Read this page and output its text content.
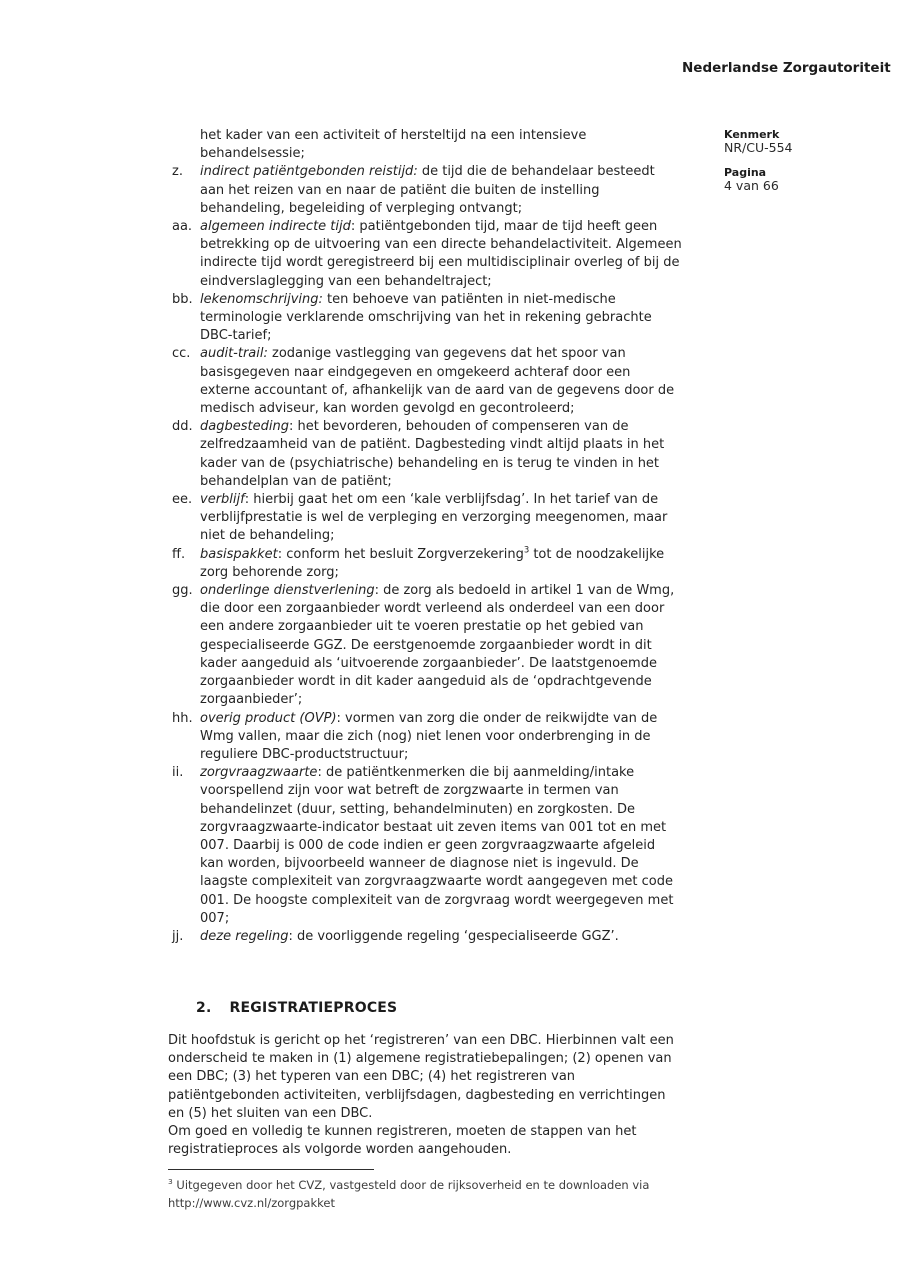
Nederlandse Zorgautoriteit
Kenmerk
NR/CU-554
Pagina
4 van 66
het kader van een activiteit of hersteltijd na een intensieve behandelsessie;
z.	indirect patiëntgebonden reistijd: de tijd die de behandelaar besteedt aan het reizen van en naar de patiënt die buiten de instelling behandeling, begeleiding of verpleging ontvangt;
aa. algemeen indirecte tijd: patiëntgebonden tijd, maar de tijd heeft geen betrekking op de uitvoering van een directe behandelactiviteit. Algemeen indirecte tijd wordt geregistreerd bij een multidisciplinair overleg of bij de eindverslaglegging van een behandeltraject;
bb. lekenomschrijving: ten behoeve van patiënten in niet-medische terminologie verklarende omschrijving van het in rekening gebrachte DBC-tarief;
cc. audit-trail: zodanige vastlegging van gegevens dat het spoor van basisgegeven naar eindgegeven en omgekeerd achteraf door een externe accountant of, afhankelijk van de aard van de gegevens door de medisch adviseur, kan worden gevolgd en gecontroleerd;
dd. dagbesteding: het bevorderen, behouden of compenseren van de zelfredzaamheid van de patiënt. Dagbesteding vindt altijd plaats in het kader van de (psychiatrische) behandeling en is terug te vinden in het behandelplan van de patiënt;
ee. verblijf: hierbij gaat het om een ‘kale verblijfsdag’. In het tarief van de verblijfprestatie is wel de verpleging en verzorging meegenomen, maar niet de behandeling;
ff.	basispakket: conform het besluit Zorgverzekering$^3$ tot de noodzakelijke zorg behorende zorg;
gg. onderlinge dienstverlening: de zorg als bedoeld in artikel 1 van de Wmg, die door een zorgaanbieder wordt verleend als onderdeel van een door een andere zorgaanbieder uit te voeren prestatie op het gebied van gespecialiseerde GGZ. De eerstgenoemde zorgaanbieder wordt in dit kader aangeduid als ‘uitvoerende zorgaanbieder’. De laatstgenoemde zorgaanbieder wordt in dit kader aangeduid als de ‘opdrachtgevende zorgaanbieder’;
hh. overig product (OVP): vormen van zorg die onder de reikwijdte van de Wmg vallen, maar die zich (nog) niet lenen voor onderbrenging in de reguliere DBC-productstructuur;
ii.	zorgvraagzwaarte: de patiëntkenmerken die bij aanmelding/intake voorspellend zijn voor wat betreft de zorgzwaarte in termen van behandelinzet (duur, setting, behandelminuten) en zorgkosten. De zorgvraagzwaarte-indicator bestaat uit zeven items van 001 tot en met 007. Daarbij is 000 de code indien er geen zorgvraagzwaarte afgeleid kan worden, bijvoorbeeld wanneer de diagnose niet is ingevuld. De laagste complexiteit van zorgvraagzwaarte wordt aangegeven met code 001. De hoogste complexiteit van de zorgvraag wordt weergegeven met 007;
jj.	deze regeling: de voorliggende regeling ‘gespecialiseerde GGZ’.
2. REGISTRATIEPROCES

Dit hoofdstuk is gericht op het ‘registreren’ van een DBC. Hierbinnen valt een onderscheid te maken in (1) algemene registratiebepalingen; (2) openen van een DBC; (3) het typeren van een DBC; (4) het registreren van patiëntgebonden activiteiten, verblijfsdagen, dagbesteding en verrichtingen en (5) het sluiten van een DBC.

Om goed en volledig te kunnen registreren, moeten de stappen van het registratieproces als volgorde worden aangehouden.

$^3$ Uitgegeven door het CVZ, vastgesteld door de rijksoverheid en te downloaden via
http://www.cvz.nl/zorgpakket
